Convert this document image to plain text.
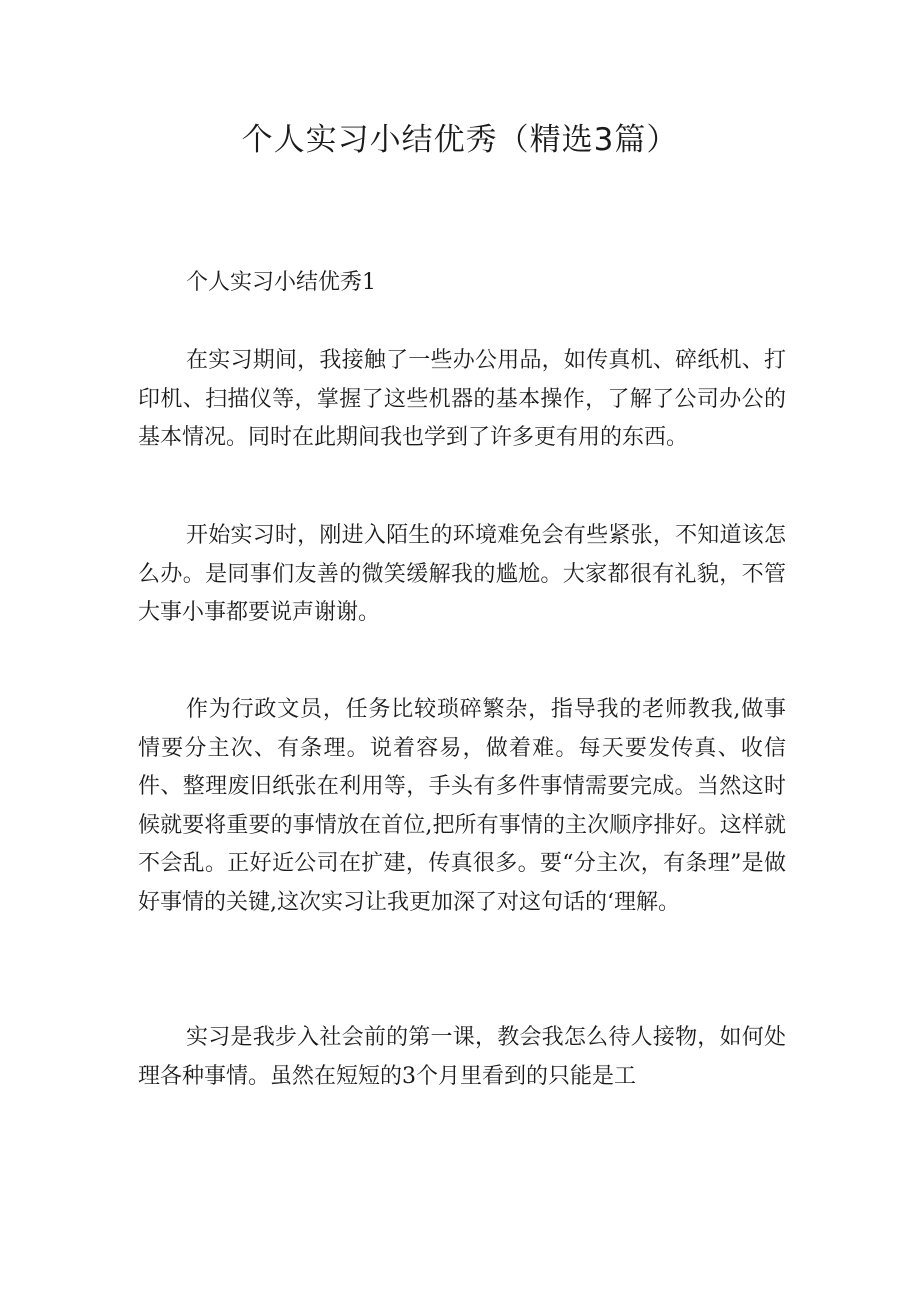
个人实习小结优秀（精选3篇）

个人实习小结优秀1

在实习期间，我接触了一些办公用品，如传真机、碎纸机、打印机、扫描仪等，掌握了这些机器的基本操作，了解了公司办公的基本情况。同时在此期间我也学到了许多更有用的东西。

开始实习时，刚进入陌生的环境难免会有些紧张，不知道该怎么办。是同事们友善的微笑缓解我的尴尬。大家都很有礼貌，不管大事小事都要说声谢谢。

作为行政文员，任务比较琐碎繁杂，指导我的老师教我,做事情要分主次、有条理。说着容易，做着难。每天要发传真、收信件、整理废旧纸张在利用等，手头有多件事情需要完成。当然这时候就要将重要的事情放在首位,把所有事情的主次顺序排好。这样就不会乱。正好近公司在扩建，传真很多。要“分主次，有条理”是做好事情的关键,这次实习让我更加深了对这句话的‘理解。

实习是我步入社会前的第一课，教会我怎么待人接物，如何处理各种事情。虽然在短短的3个月里看到的只能是工
